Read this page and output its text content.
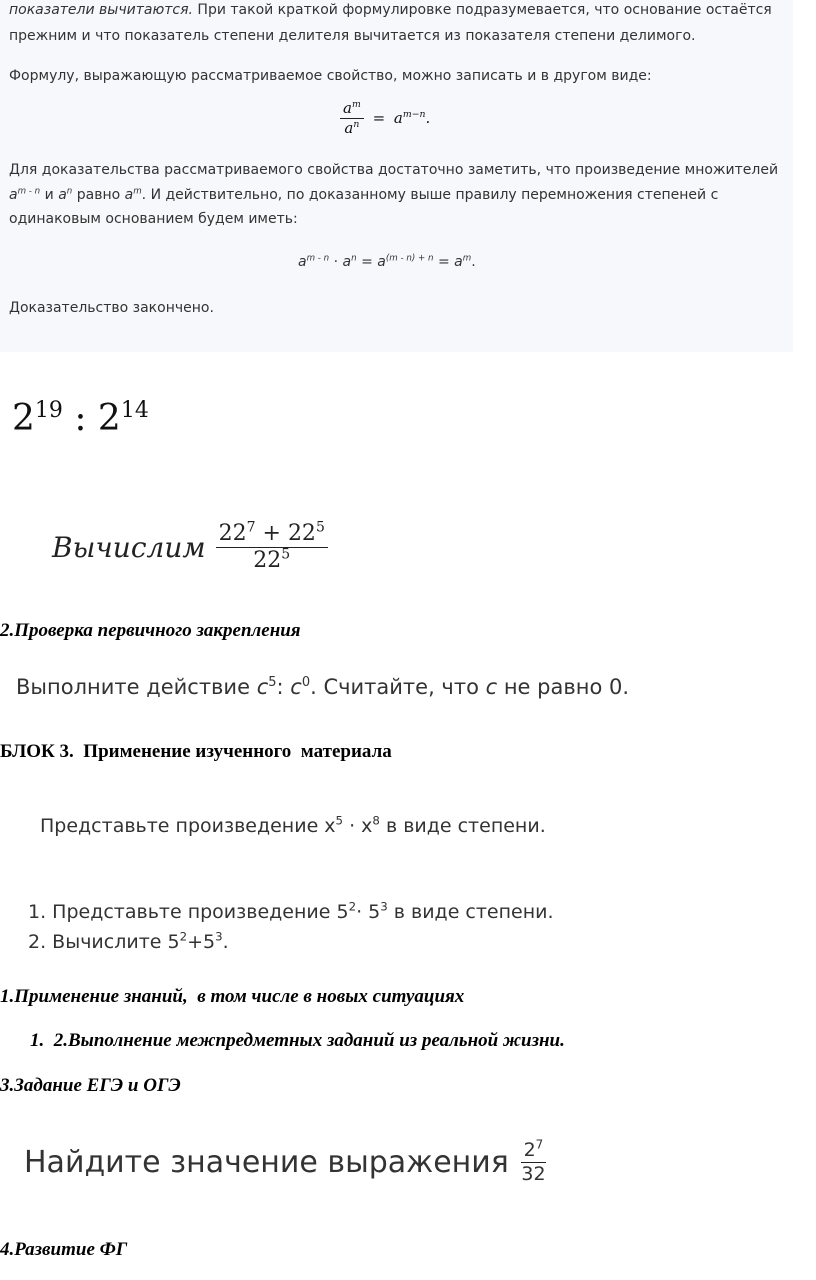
показатели вычитаются. При такой краткой формулировке подразумевается, что основание остаётся
прежним и что показатель степени делителя вычитается из показателя степени делимого.
Формулу, выражающую рассматриваемое свойство, можно записать и в другом виде:
$\frac{a^m}{a^n} = a^{m-n}$.
Для доказательства рассматриваемого свойства достаточно заметить, что произведение множителей
$a^{m - n}$ и $a^n$ равно $a^m$. И действительно, по доказанному выше правилу перемножения степеней с
одинаковым основанием будем иметь:
$a^{m - n} \cdot a^n = a^{(m - n) + n} = a^m$.
Доказательство закончено.
$2^{19}$ : $2^{14}$
Вычислим $\frac{22^7 + 22^5}{22^5}$
2.Проверка первичного закрепления
Выполните действие $c^5$: $c^0$. Считайте, что c не равно 0.
БЛОК 3.  Применение изученного  материала
Представьте произведение $х^5 \cdot х^8$ в виде степени.
1. Представьте произведение $5^2\cdot 5^3$ в виде степени.
2. Вычислите $5^2+5^3$.
1.Применение знаний,  в том числе в новых ситуациях
1. 2.Выполнение межпредметных заданий из реальной жизни.
3.Задание ЕГЭ и ОГЭ
Найдите значение выражения $\frac{2^7}{32}$
4.Развитие ФГ
